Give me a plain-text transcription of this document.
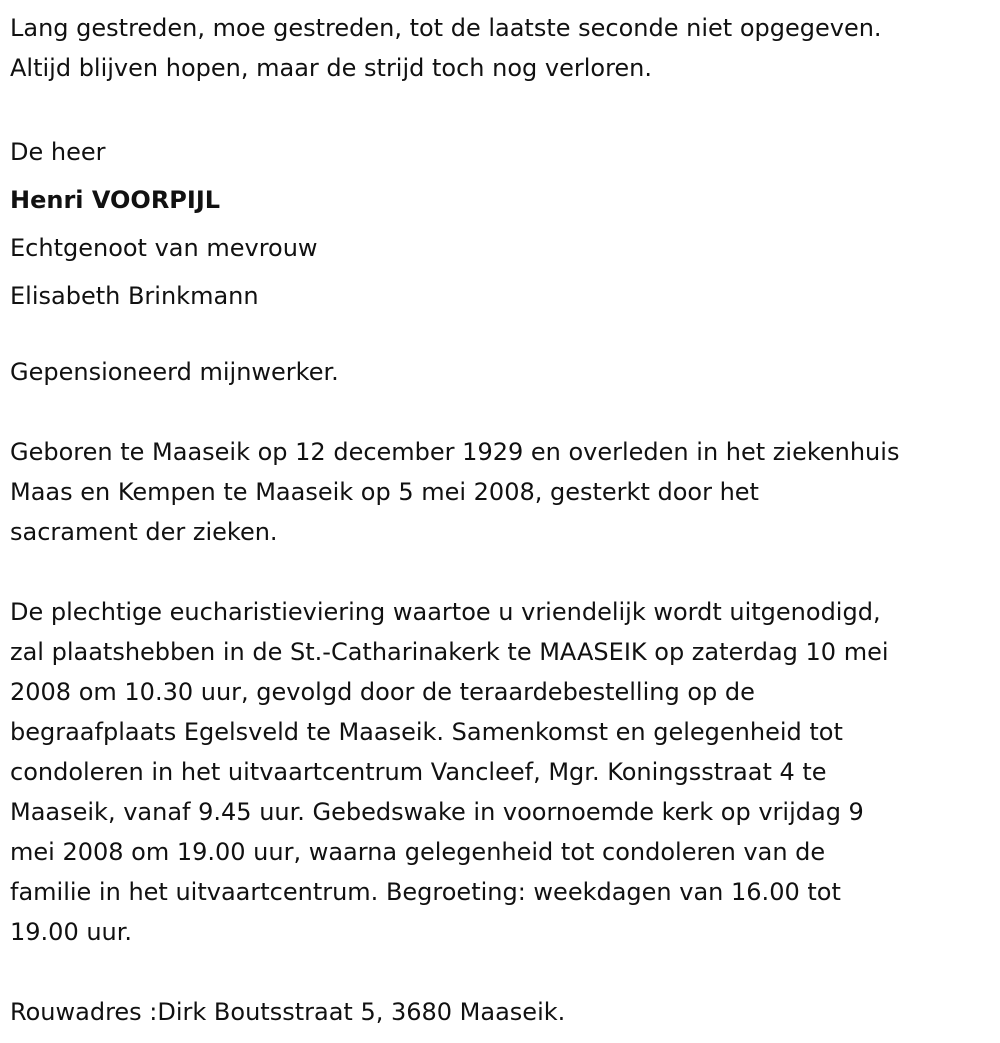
Lang gestreden, moe gestreden, tot de laatste seconde niet opgegeven.
Altijd blijven hopen, maar de strijd toch nog verloren.
De heer
Henri VOORPIJL
Echtgenoot van mevrouw
Elisabeth Brinkmann
Gepensioneerd mijnwerker.
Geboren te Maaseik op 12 december 1929 en overleden in het ziekenhuis
Maas en Kempen te Maaseik op 5 mei 2008, gesterkt door het
sacrament der zieken.
De plechtige eucharistieviering waartoe u vriendelijk wordt uitgenodigd,
zal plaatshebben in de St.-Catharinakerk te MAASEIK op zaterdag 10 mei
2008 om 10.30 uur, gevolgd door de teraardebestelling op de
begraafplaats Egelsveld te Maaseik. Samenkomst en gelegenheid tot
condoleren in het uitvaartcentrum Vancleef, Mgr. Koningsstraat 4 te
Maaseik, vanaf 9.45 uur. Gebedswake in voornoemde kerk op vrijdag 9
mei 2008 om 19.00 uur, waarna gelegenheid tot condoleren van de
familie in het uitvaartcentrum. Begroeting: weekdagen van 16.00 tot
19.00 uur.
Rouwadres :Dirk Boutsstraat 5, 3680 Maaseik.
